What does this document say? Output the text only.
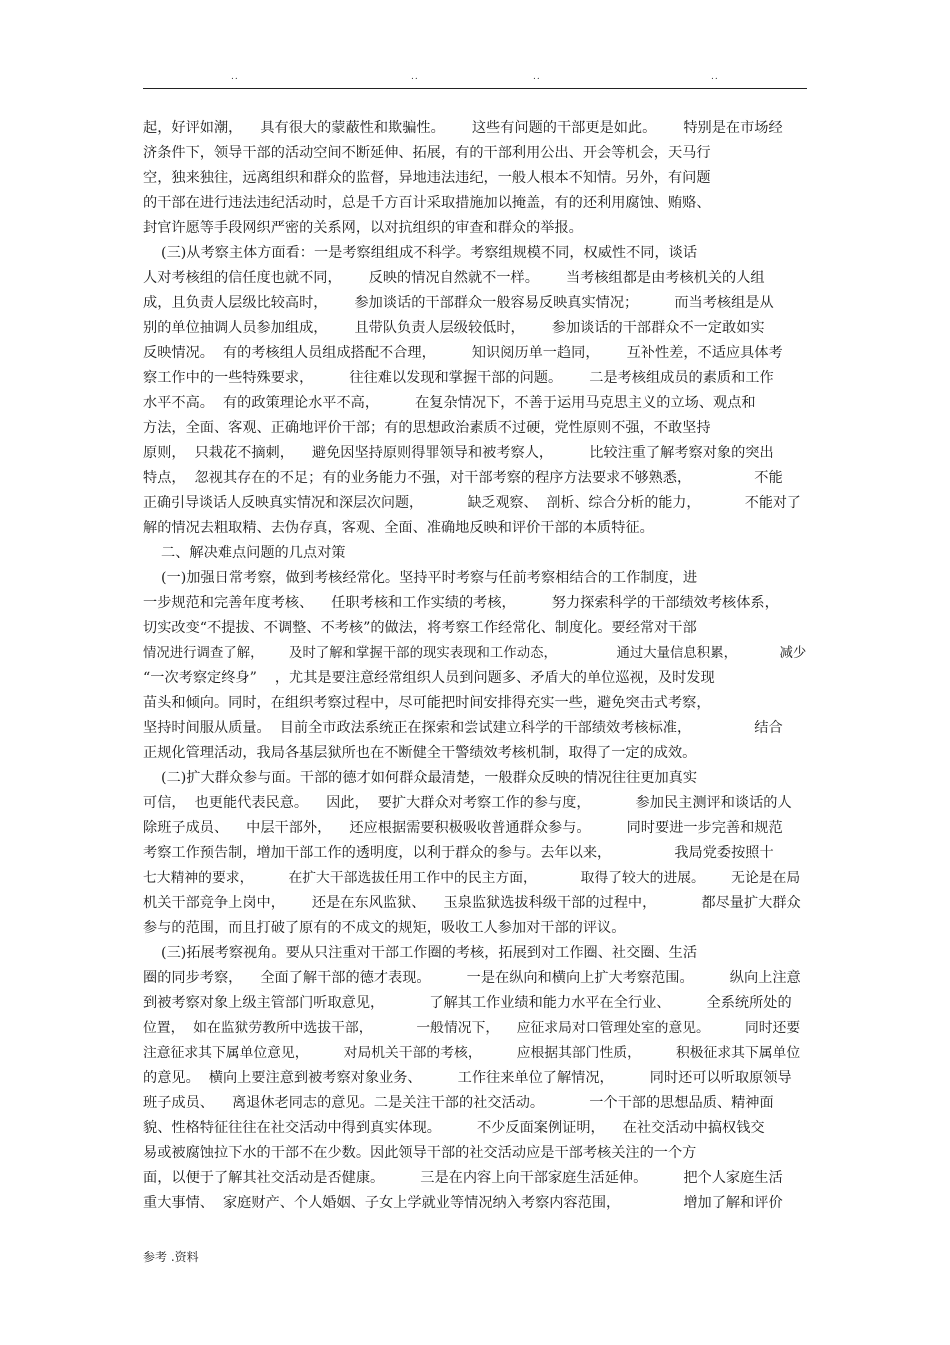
..	..	..	..
起，好评如潮，    具有很大的蒙蔽性和欺骗性。      这些有问题的干部更是如此。      特别是在市场经
济条件下，领导干部的活动空间不断延伸、拓展，有的干部利用公出、开会等机会，天马行
空，独来独往，远离组织和群众的监督，异地违法违纪，一般人根本不知情。另外，有问题
的干部在进行违法违纪活动时，总是千方百计采取措施加以掩盖，有的还利用腐蚀、贿赂、
封官许愿等手段网织严密的关系网，以对抗组织的审查和群众的举报。
(三)从考察主体方面看：一是考察组组成不科学。考察组规模不同，权威性不同，谈话
人对考核组的信任度也就不同，      反映的情况自然就不一样。      当考核组都是由考核机关的人组
成，且负责人层级比较高时，      参加谈话的干部群众一般容易反映真实情况；        而当考核组是从
别的单位抽调人员参加组成，      且带队负责人层级较低时，      参加谈话的干部群众不一定敢如实
反映情况。  有的考核组人员组成搭配不合理，        知识阅历单一趋同，      互补性差，不适应具体考
察工作中的一些特殊要求，        往往难以发现和掌握干部的问题。      二是考核组成员的素质和工作
水平不高。  有的政策理论水平不高，        在复杂情况下，不善于运用马克思主义的立场、观点和
方法，全面、客观、正确地评价干部；有的思想政治素质不过硬，党性原则不强，不敢坚持
原则，  只栽花不摘刺，    避免因坚持原则得罪领导和被考察人，        比较注重了解考察对象的突出
特点，  忽视其存在的不足；有的业务能力不强，对干部考察的程序方法要求不够熟悉，              不能
正确引导谈话人反映真实情况和深层次问题，          缺乏观察、  剖析、综合分析的能力，          不能对了
解的情况去粗取精、去伪存真，客观、全面、准确地反映和评价干部的本质特征。
二、解决难点问题的几点对策
(一)加强日常考察，做到考核经常化。坚持平时考察与任前考察相结合的工作制度，进
一步规范和完善年度考核、    任职考核和工作实绩的考核，        努力探索科学的干部绩效考核体系，
切实改变“不提拔、不调整、不考核”的做法，将考察工作经常化、制度化。要经常对干部
情况进行调查了解，      及时了解和掌握干部的现实表现和工作动态，              通过大量信息积累，          减少
“一次考察定终身”    ，尤其是要注意经常组织人员到问题多、矛盾大的单位巡视，及时发现
苗头和倾向。同时，在组织考察过程中，尽可能把时间安排得充实一些，避免突击式考察，
坚持时间服从质量。  目前全市政法系统正在探索和尝试建立科学的干部绩效考核标准，              结合
正规化管理活动，我局各基层狱所也在不断健全干警绩效考核机制，取得了一定的成效。
(二)扩大群众参与面。干部的德才如何群众最清楚，一般群众反映的情况往往更加真实
可信，  也更能代表民意。    因此，  要扩大群众对考察工作的参与度，          参加民主测评和谈话的人
除班子成员、    中层干部外，    还应根据需要积极吸收普通群众参与。        同时要进一步完善和规范
考察工作预告制，增加干部工作的透明度，以利于群众的参与。去年以来，              我局党委按照十
七大精神的要求，        在扩大干部选拔任用工作中的民主方面，          取得了较大的进展。      无论是在局
机关干部竞争上岗中，      还是在东风监狱、    玉泉监狱选拔科级干部的过程中，          都尽量扩大群众
参与的范围，而且打破了原有的不成文的规矩，吸收工人参加对干部的评议。
(三)拓展考察视角。要从只注重对干部工作圈的考核，拓展到对工作圈、社交圈、生活
圈的同步考察，    全面了解干部的德才表现。        一是在纵向和横向上扩大考察范围。        纵向上注意
到被考察对象上级主管部门听取意见，          了解其工作业绩和能力水平在全行业、        全系统所处的
位置，  如在监狱劳教所中选拔干部，          一般情况下，    应征求局对口管理处室的意见。        同时还要
注意征求其下属单位意见，        对局机关干部的考核，        应根据其部门性质，        积极征求其下属单位
的意见。  横向上要注意到被考察对象业务、        工作往来单位了解情况，        同时还可以听取原领导
班子成员、    离退休老同志的意见。二是关注干部的社交活动。          一个干部的思想品质、精神面
貌、性格特征往往在社交活动中得到真实体现。        不少反面案例证明，    在社交活动中搞权钱交
易或被腐蚀拉下水的干部不在少数。因此领导干部的社交活动应是干部考核关注的一个方
面，以便于了解其社交活动是否健康。        三是在内容上向干部家庭生活延伸。        把个人家庭生活
重大事情、  家庭财产、个人婚姻、子女上学就业等情况纳入考察内容范围，              增加了解和评价
参考 .资料
